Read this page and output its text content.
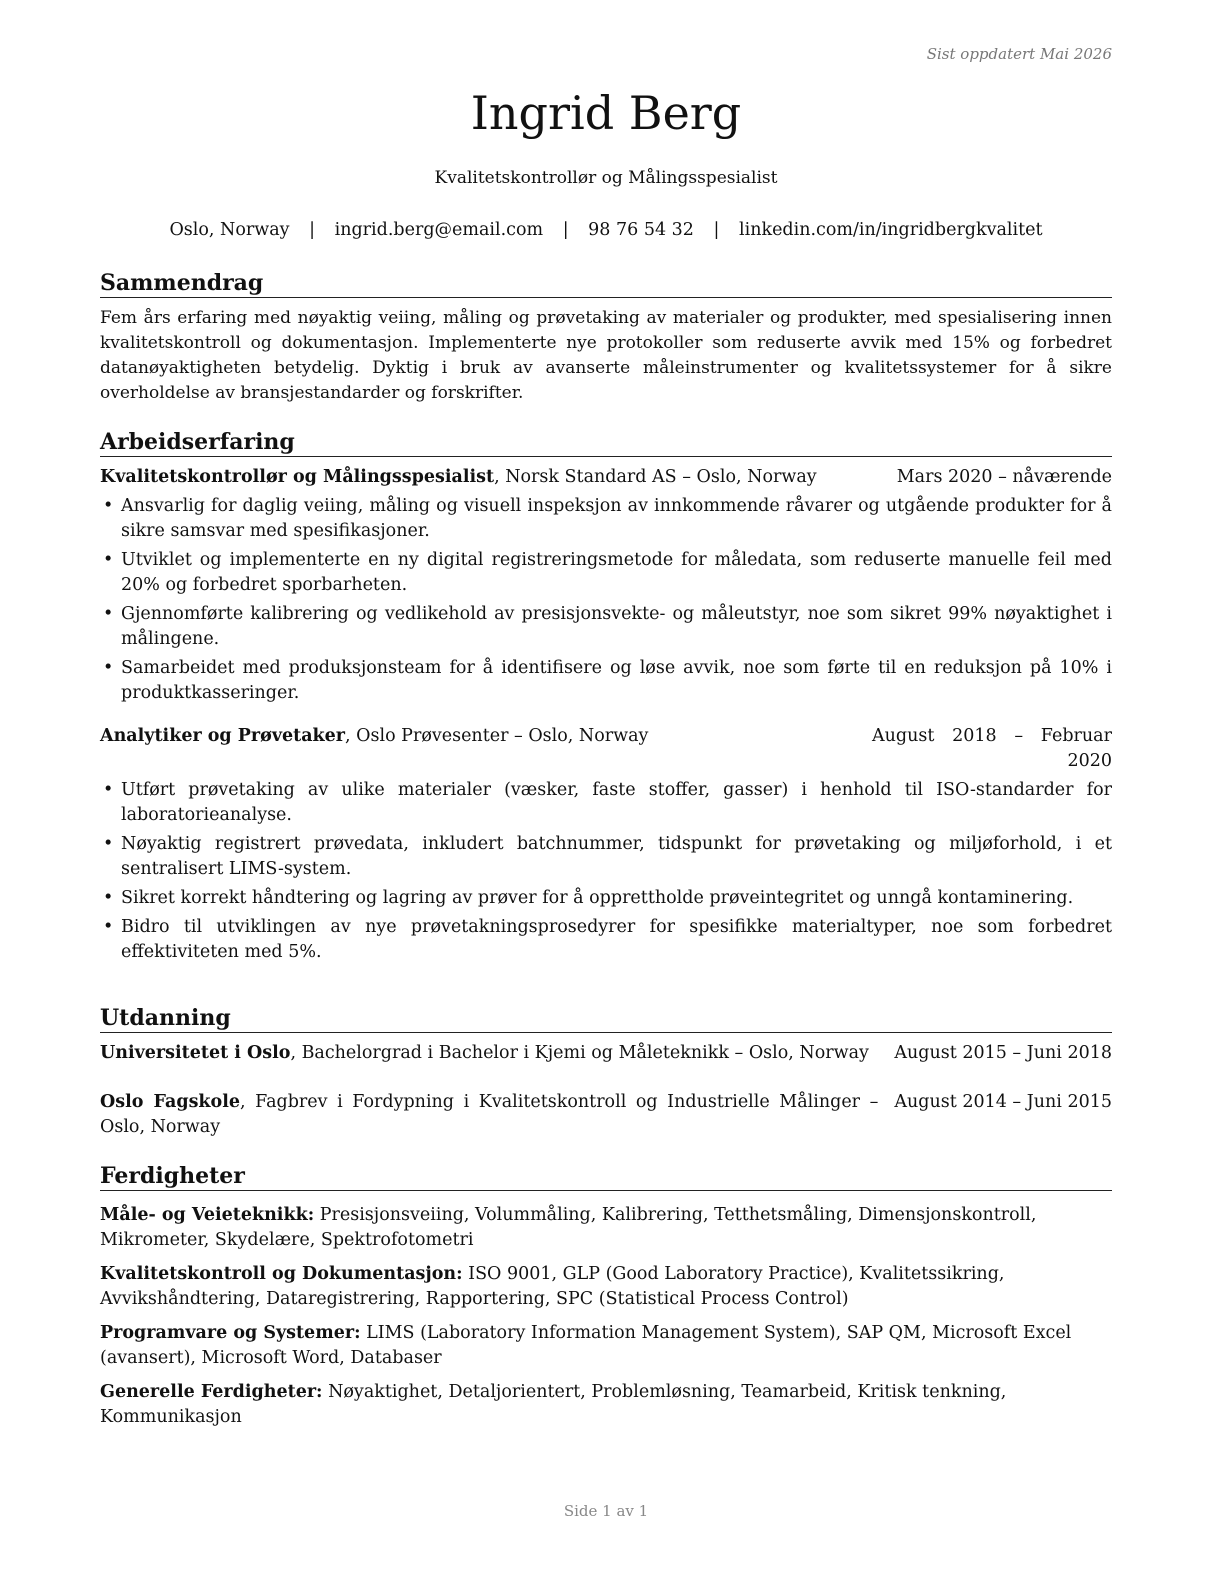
Sist oppdatert Mai 2026
Ingrid Berg
Kvalitetskontrollør og Målingsspesialist
Oslo, Norway | ingrid.berg@email.com | 98 76 54 32 | linkedin.com/in/ingridbergkvalitet
Sammendrag

Fem års erfaring med nøyaktig veiing, måling og prøvetaking av materialer og produkter, med spesialisering innen kvalitetskontroll og dokumentasjon. Implementerte nye protokoller som reduserte avvik med 15% og forbedret datanøyaktigheten betydelig. Dyktig i bruk av avanserte måleinstrumenter og kvalitetssystemer for å sikre overholdelse av bransjestandarder og forskrifter.

Arbeidserfaring
Kvalitetskontrollør og Målingsspesialist, Norsk Standard AS – Oslo, Norway	Mars 2020 – nåværende
• Ansvarlig for daglig veiing, måling og visuell inspeksjon av innkommende råvarer og utgående produkter for å sikre samsvar med spesifikasjoner.
• Utviklet og implementerte en ny digital registreringsmetode for måledata, som reduserte manuelle feil med 20% og forbedret sporbarheten.
• Gjennomførte kalibrering og vedlikehold av presisjonsvekte- og måleutstyr, noe som sikret 99% nøyaktighet i målingene.
• Samarbeidet med produksjonsteam for å identifisere og løse avvik, noe som førte til en reduksjon på 10% i produktkasseringer.
Analytiker og Prøvetaker, Oslo Prøvesenter – Oslo, Norway	August 2018 – Februar 2020
• Utført prøvetaking av ulike materialer (væsker, faste stoffer, gasser) i henhold til ISO-standarder for laboratorieanalyse.
• Nøyaktig registrert prøvedata, inkludert batchnummer, tidspunkt for prøvetaking og miljøforhold, i et sentralisert LIMS-system.
• Sikret korrekt håndtering og lagring av prøver for å opprettholde prøveintegritet og unngå kontaminering.
• Bidro til utviklingen av nye prøvetakningsprosedyrer for spesifikke materialtyper, noe som forbedret effektiviteten med 5%.
Utdanning
Universitetet i Oslo, Bachelorgrad i Bachelor i Kjemi og Måleteknikk – Oslo, Norway	August 2015 – Juni 2018
Oslo Fagskole, Fagbrev i Fordypning i Kvalitetskontroll og Industrielle Målinger – Oslo, Norway
August 2014 – Juni 2015
Ferdigheter

Måle- og Veieteknikk: Presisjonsveiing, Volummåling, Kalibrering, Tetthetsmåling, Dimensjonskontroll, Mikrometer, Skydelære, Spektrofotometri

Kvalitetskontroll og Dokumentasjon: ISO 9001, GLP (Good Laboratory Practice), Kvalitetssikring, Avvikshåndtering, Dataregistrering, Rapportering, SPC (Statistical Process Control)

Programvare og Systemer: LIMS (Laboratory Information Management System), SAP QM, Microsoft Excel (avansert), Microsoft Word, Databaser

Generelle Ferdigheter: Nøyaktighet, Detaljorientert, Problemløsning, Teamarbeid, Kritisk tenkning, Kommunikasjon

Side 1 av 1
